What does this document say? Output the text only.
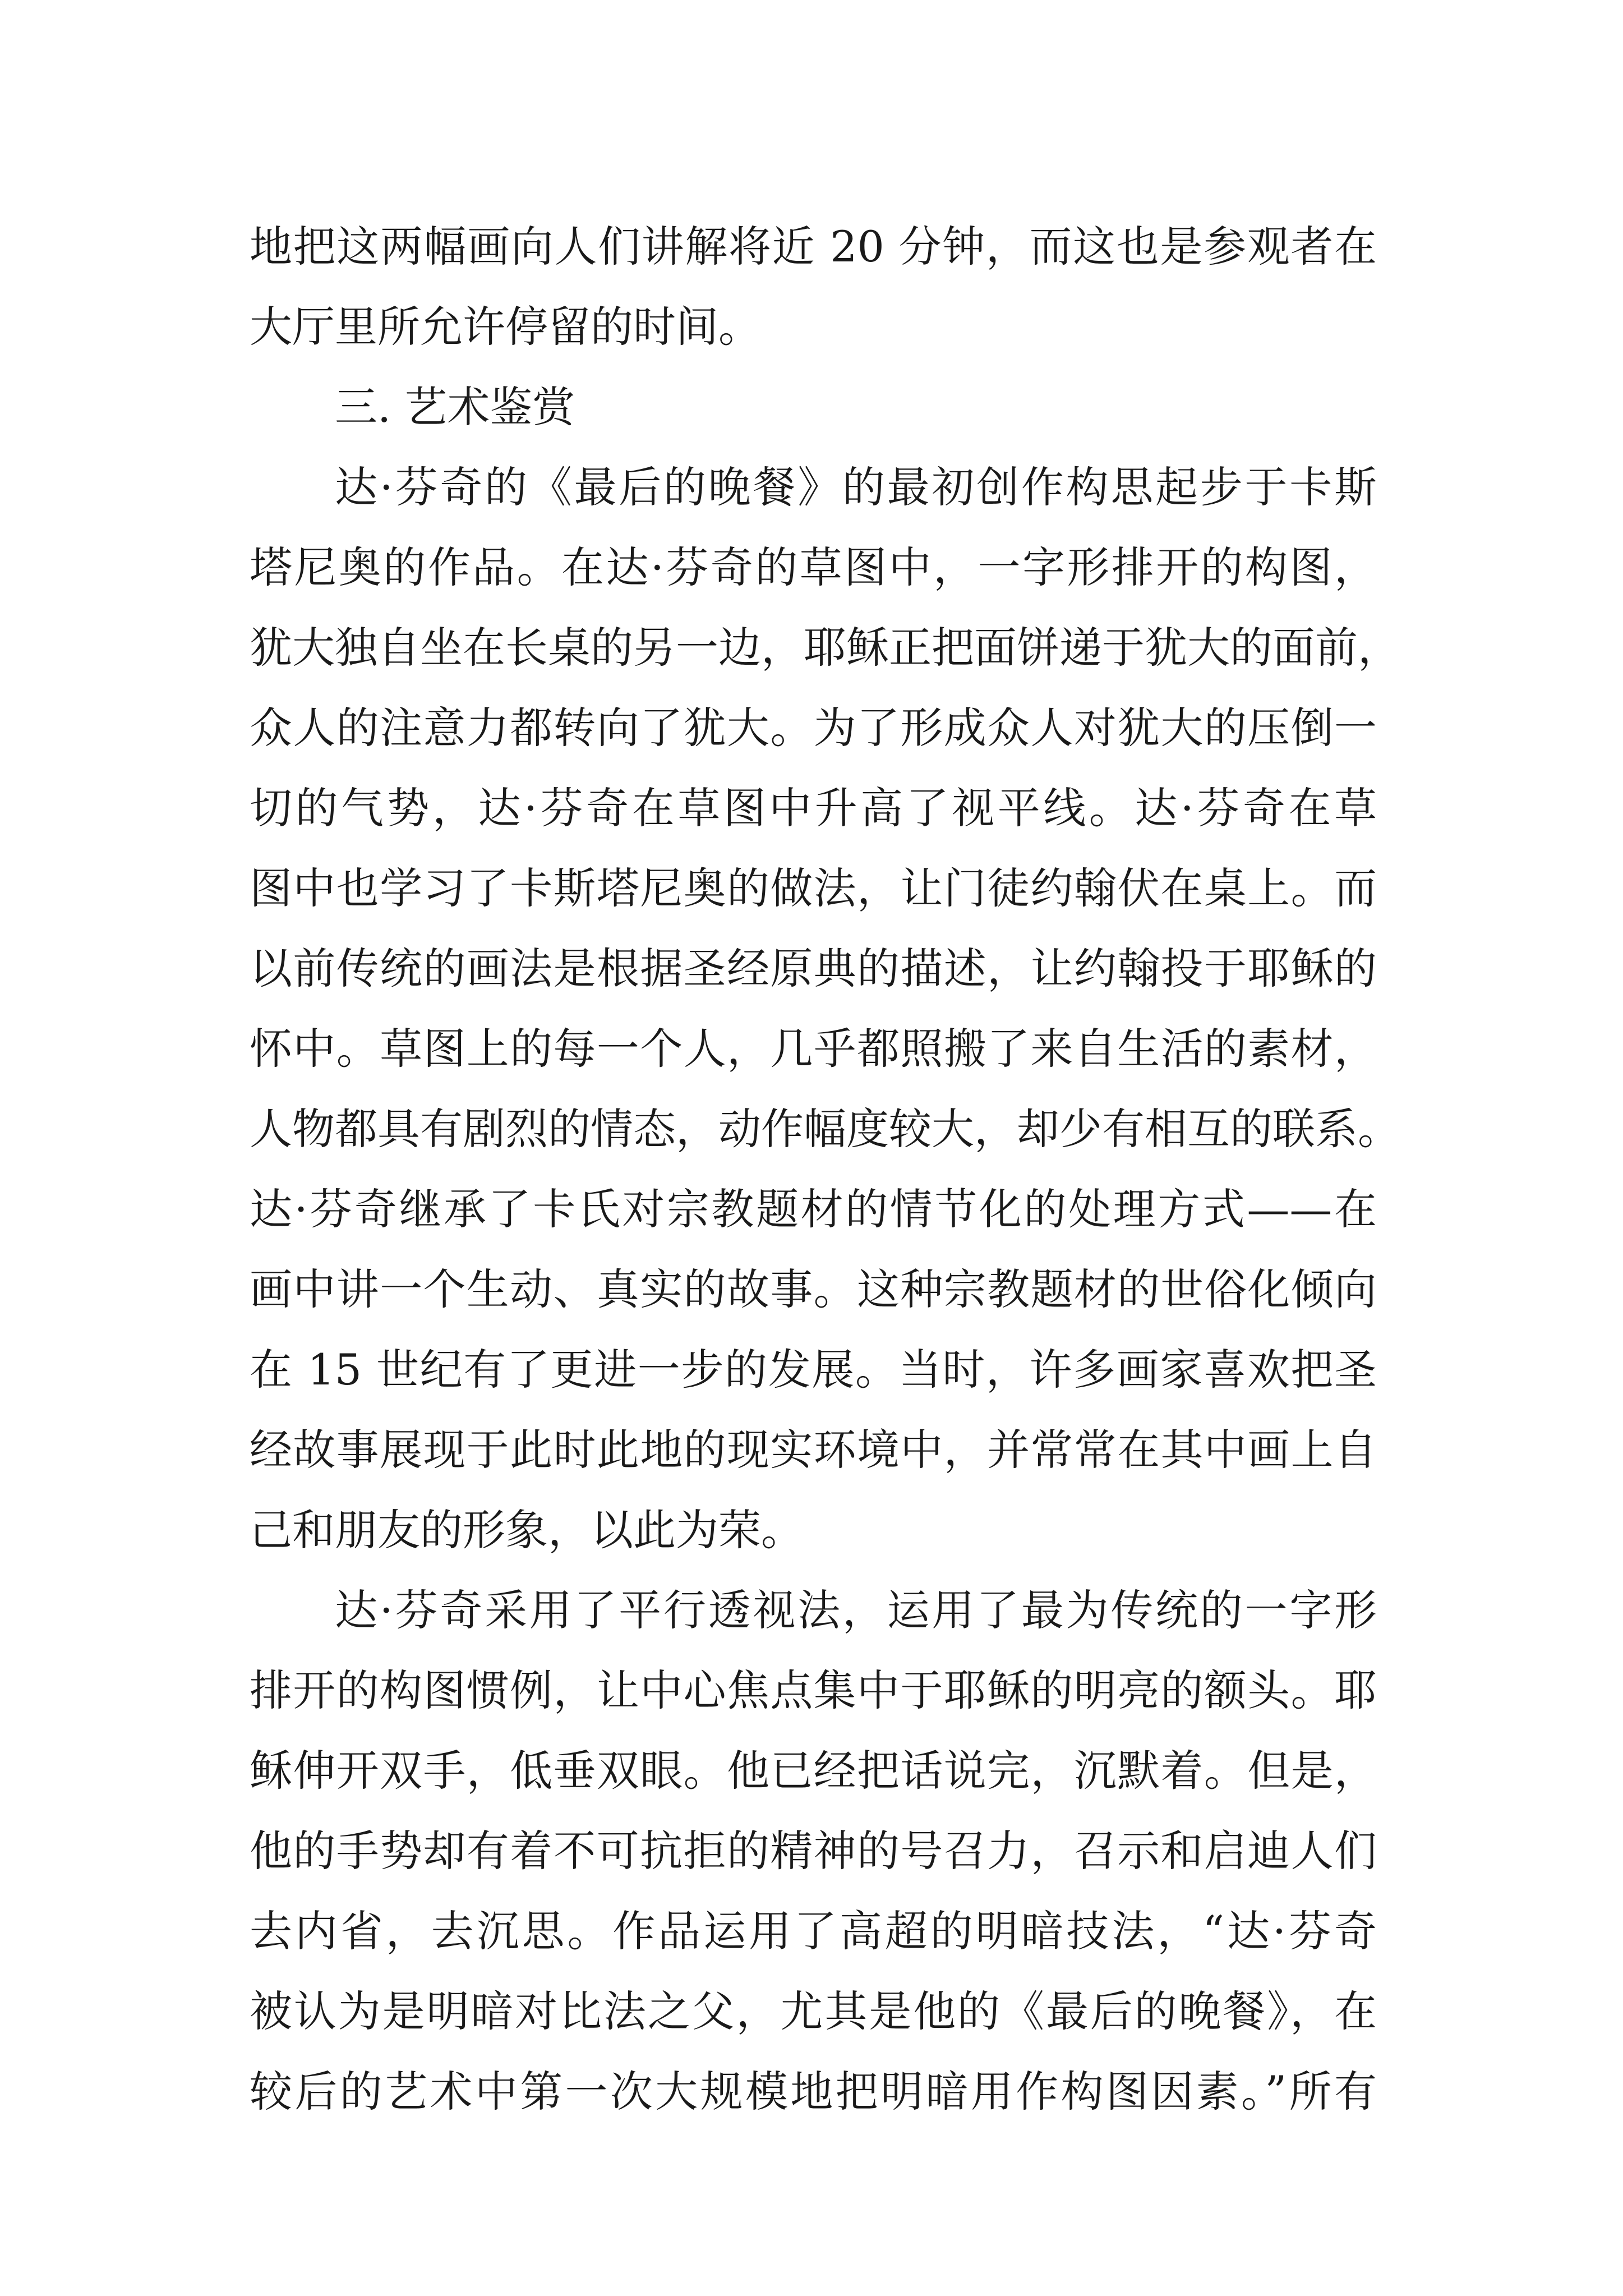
地把这两幅画向人们讲解将近 20 分钟，而这也是参观者在
大厅里所允许停留的时间。
三. 艺术鉴赏
达·芬奇的《最后的晚餐》的最初创作构思起步于卡斯
塔尼奥的作品。在达·芬奇的草图中，一字形排开的构图，
犹大独自坐在长桌的另一边，耶稣正把面饼递于犹大的面前，
众人的注意力都转向了犹大。为了形成众人对犹大的压倒一
切的气势，达·芬奇在草图中升高了视平线。达·芬奇在草
图中也学习了卡斯塔尼奥的做法，让门徒约翰伏在桌上。而
以前传统的画法是根据圣经原典的描述，让约翰投于耶稣的
怀中。草图上的每一个人，几乎都照搬了来自生活的素材，
人物都具有剧烈的情态，动作幅度较大，却少有相互的联系。
达·芬奇继承了卡氏对宗教题材的情节化的处理方式——在
画中讲一个生动、真实的故事。这种宗教题材的世俗化倾向
在 15 世纪有了更进一步的发展。当时，许多画家喜欢把圣
经故事展现于此时此地的现实环境中，并常常在其中画上自
己和朋友的形象，以此为荣。
达·芬奇采用了平行透视法，运用了最为传统的一字形
排开的构图惯例，让中心焦点集中于耶稣的明亮的额头。耶
稣伸开双手，低垂双眼。他已经把话说完，沉默着。但是，
他的手势却有着不可抗拒的精神的号召力，召示和启迪人们
去内省，去沉思。作品运用了高超的明暗技法，“达·芬奇
被认为是明暗对比法之父，尤其是他的《最后的晚餐》，在
较后的艺术中第一次大规模地把明暗用作构图因素。”所有
